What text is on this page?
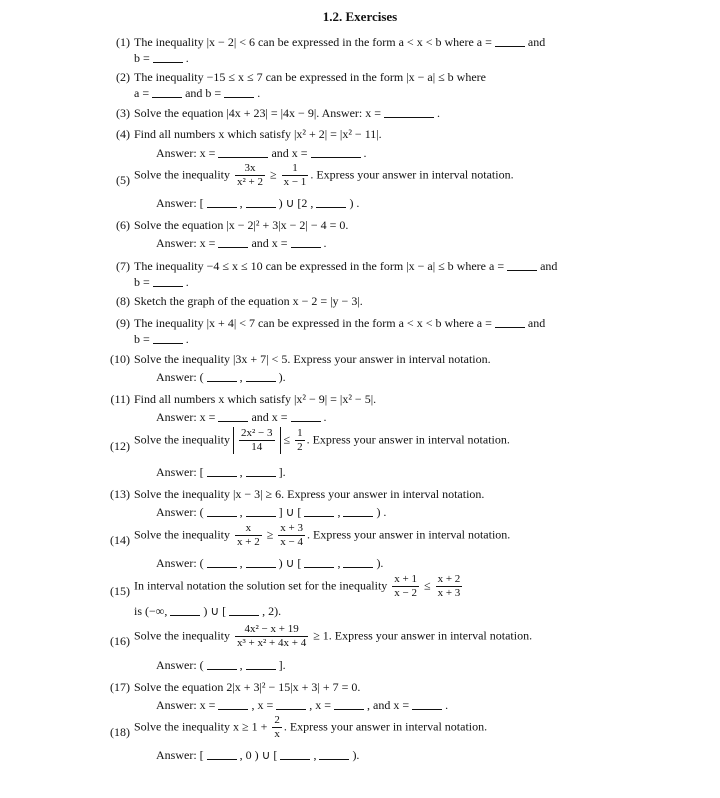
1.2. Exercises
(1) The inequality |x − 2| < 6 can be expressed in the form a < x < b where a =	and
b =	.
(2) The inequality −15 ≤ x ≤ 7 can be expressed in the form |x − a| ≤ b where
a =	and b =	.
(3) Solve the equation |4x + 23| = |4x − 9|. Answer: x =	.
(4) Find all numbers x which satisfy |x² + 2| = |x² − 11|.
Answer: x =	and x =	.
(5) Solve the inequality $\frac{3x}{\text{x² + 2}} \ge \frac{1}{x - 1}$ . Express your answer in interval notation.
Answer: [	,	) ∪ [2 ,	) .
(6) Solve the equation |x − 2|² + 3|x − 2| − 4 = 0.
Answer: x =	and x =	.
(7) The inequality −4 ≤ x ≤ 10 can be expressed in the form |x − a| ≤ b where a =	and
b =	.
(8) Sketch the graph of the equation x − 2 = |y − 3|.
(9) The inequality |x + 4| < 7 can be expressed in the form a < x < b where a =	and
b =	.
(10) Solve the inequality |3x + 7| < 5. Express your answer in interval notation.
Answer: (	,	).
(11) Find all numbers x which satisfy |x² − 9| = |x² − 5|.
Answer: x =	and x =	.
(12) Solve the inequality $\frac{\text{2x² − 3}}{14} \le \frac{1}{2}$ . Express your answer in interval notation.
Answer: [	,	].
(13) Solve the inequality |x − 3| ≥ 6. Express your answer in interval notation.
Answer: (	,	] ∪ [	,	) .
(14) Solve the inequality $\frac{x}{x + 2} \ge \frac{x + 3}{x - 4}$ . Express your answer in interval notation.
Answer: (	,	) ∪ [	,	).
(15) In interval notation the solution set for the inequality $\frac{x + 1}{x - 2} \le \frac{x + 2}{x + 3}$
is (−∞,	) ∪ [	, 2).
(16) Solve the inequality $\frac{\text{4x² − x + 19}}{\text{x³ + x² + 4x + 4}} \ge 1$. Express your answer in interval notation.
Answer: (	,	].
(17) Solve the equation 2|x + 3|² − 15|x + 3| + 7 = 0.
Answer: x =	, x =	, x =	, and x =	.
(18) Solve the inequality $x \ge 1 + \frac{2}{x}$ . Express your answer in interval notation.
Answer: [	, 0 ) ∪ [	,	).
